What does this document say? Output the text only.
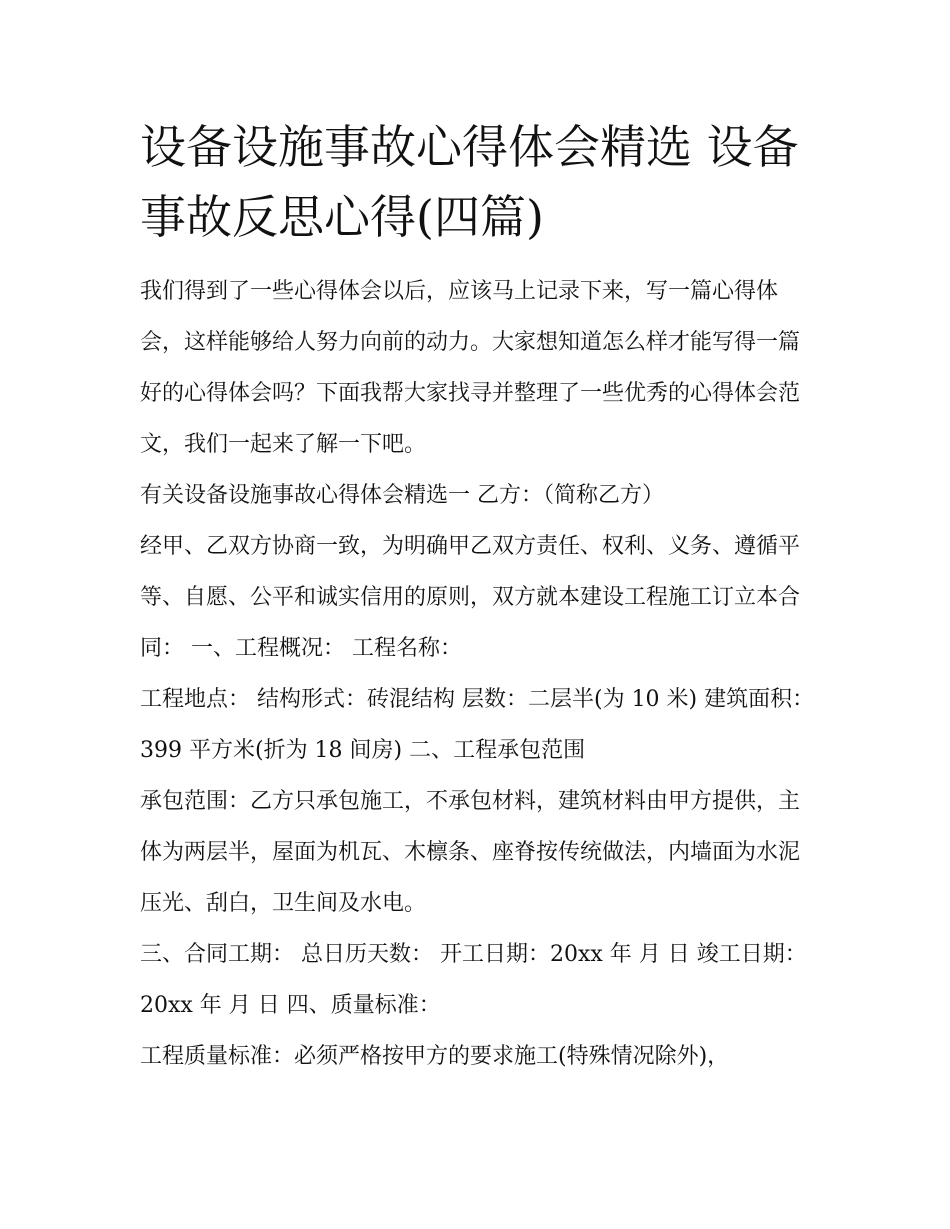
设备设施事故心得体会精选 设备事故反思心得(四篇)

我们得到了一些心得体会以后，应该马上记录下来，写一篇心得体会，这样能够给人努力向前的动力。大家想知道怎么样才能写得一篇好的心得体会吗？下面我帮大家找寻并整理了一些优秀的心得体会范文，我们一起来了解一下吧。

有关设备设施事故心得体会精选一 乙方：（简称乙方）

经甲、乙双方协商一致，为明确甲乙双方责任、权利、义务、遵循平等、自愿、公平和诚实信用的原则，双方就本建设工程施工订立本合同： 一、工程概况： 工程名称：

工程地点： 结构形式：砖混结构 层数：二层半(为 10 米) 建筑面积：399 平方米(折为 18 间房) 二、工程承包范围

承包范围：乙方只承包施工，不承包材料，建筑材料由甲方提供，主体为两层半，屋面为机瓦、木檩条、座脊按传统做法，内墙面为水泥压光、刮白，卫生间及水电。

三、合同工期： 总日历天数： 开工日期：20xx 年 月 日 竣工日期：20xx 年 月 日 四、质量标准：

工程质量标准：必须严格按甲方的要求施工(特殊情况除外)，
